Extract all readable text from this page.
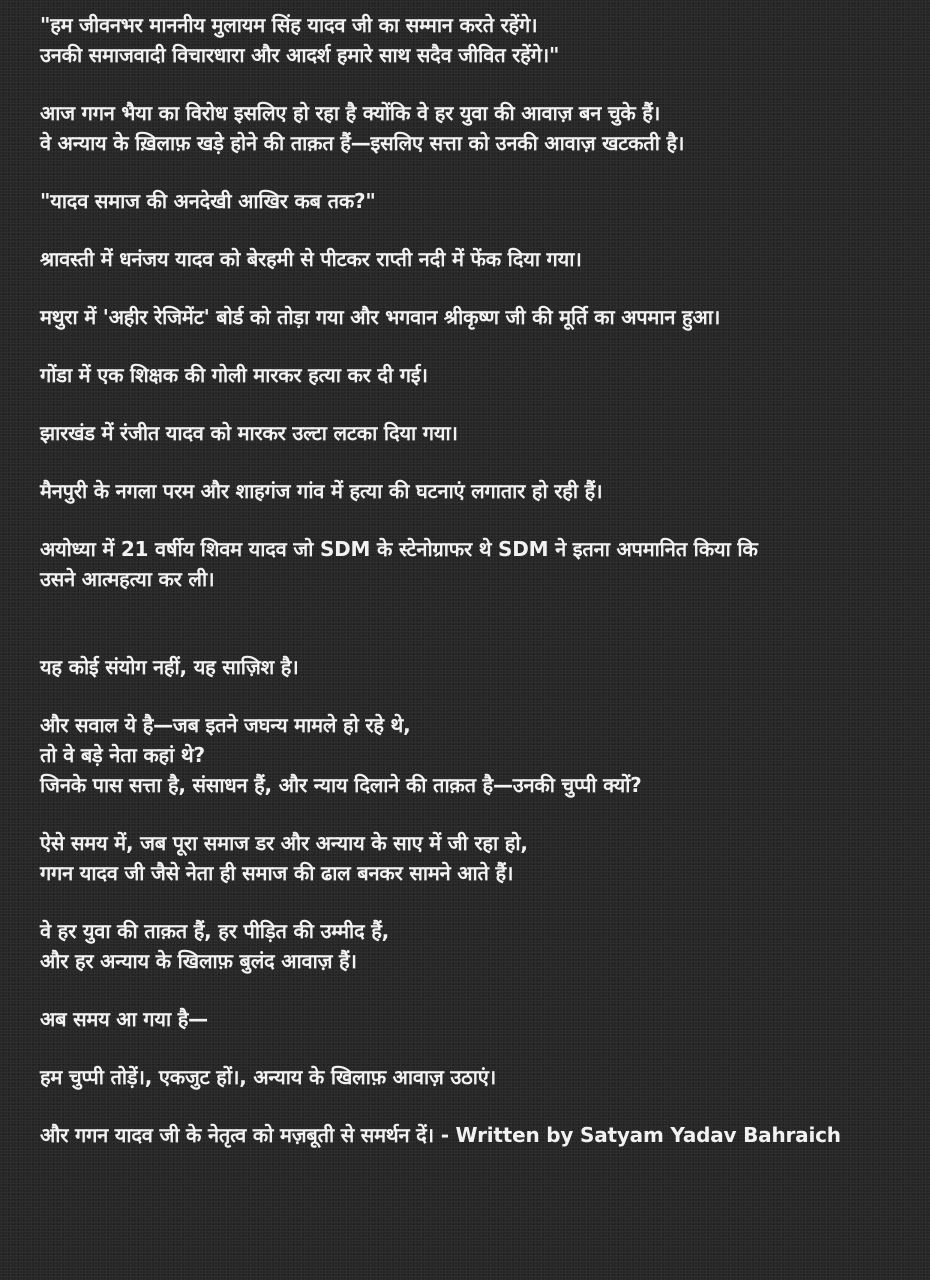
"हम जीवनभर माननीय मुलायम सिंह यादव जी का सम्मान करते रहेंगे।
उनकी समाजवादी विचारधारा और आदर्श हमारे साथ सदैव जीवित रहेंगे।"
आज गगन भैया का विरोध इसलिए हो रहा है क्योंकि वे हर युवा की आवाज़ बन चुके हैं।
वे अन्याय के ख़िलाफ़ खड़े होने की ताक़त हैं—इसलिए सत्ता को उनकी आवाज़ खटकती है।
"यादव समाज की अनदेखी आखिर कब तक?"
श्रावस्ती में धनंजय यादव को बेरहमी से पीटकर राप्ती नदी में फेंक दिया गया।
मथुरा में 'अहीर रेजिमेंट' बोर्ड को तोड़ा गया और भगवान श्रीकृष्ण जी की मूर्ति का अपमान हुआ।
गोंडा में एक शिक्षक की गोली मारकर हत्या कर दी गई।
झारखंड में रंजीत यादव को मारकर उल्टा लटका दिया गया।
मैनपुरी के नगला परम और शाहगंज गांव में हत्या की घटनाएं लगातार हो रही हैं।
अयोध्या में 21 वर्षीय शिवम यादव जो SDM के स्टेनोग्राफर थे SDM ने इतना अपमानित किया कि
उसने आत्महत्या कर ली।
यह कोई संयोग नहीं, यह साज़िश है।
और सवाल ये है—जब इतने जघन्य मामले हो रहे थे,
तो वे बड़े नेता कहां थे?
जिनके पास सत्ता है, संसाधन हैं, और न्याय दिलाने की ताक़त है—उनकी चुप्पी क्यों?
ऐसे समय में, जब पूरा समाज डर और अन्याय के साए में जी रहा हो,
गगन यादव जी जैसे नेता ही समाज की ढाल बनकर सामने आते हैं।
वे हर युवा की ताक़त हैं, हर पीड़ित की उम्मीद हैं,
और हर अन्याय के खिलाफ़ बुलंद आवाज़ हैं।
अब समय आ गया है—
हम चुप्पी तोड़ें।, एकजुट हों।, अन्याय के खिलाफ़ आवाज़ उठाएं।
और गगन यादव जी के नेतृत्व को मज़बूती से समर्थन दें। - Written by Satyam Yadav Bahraich
